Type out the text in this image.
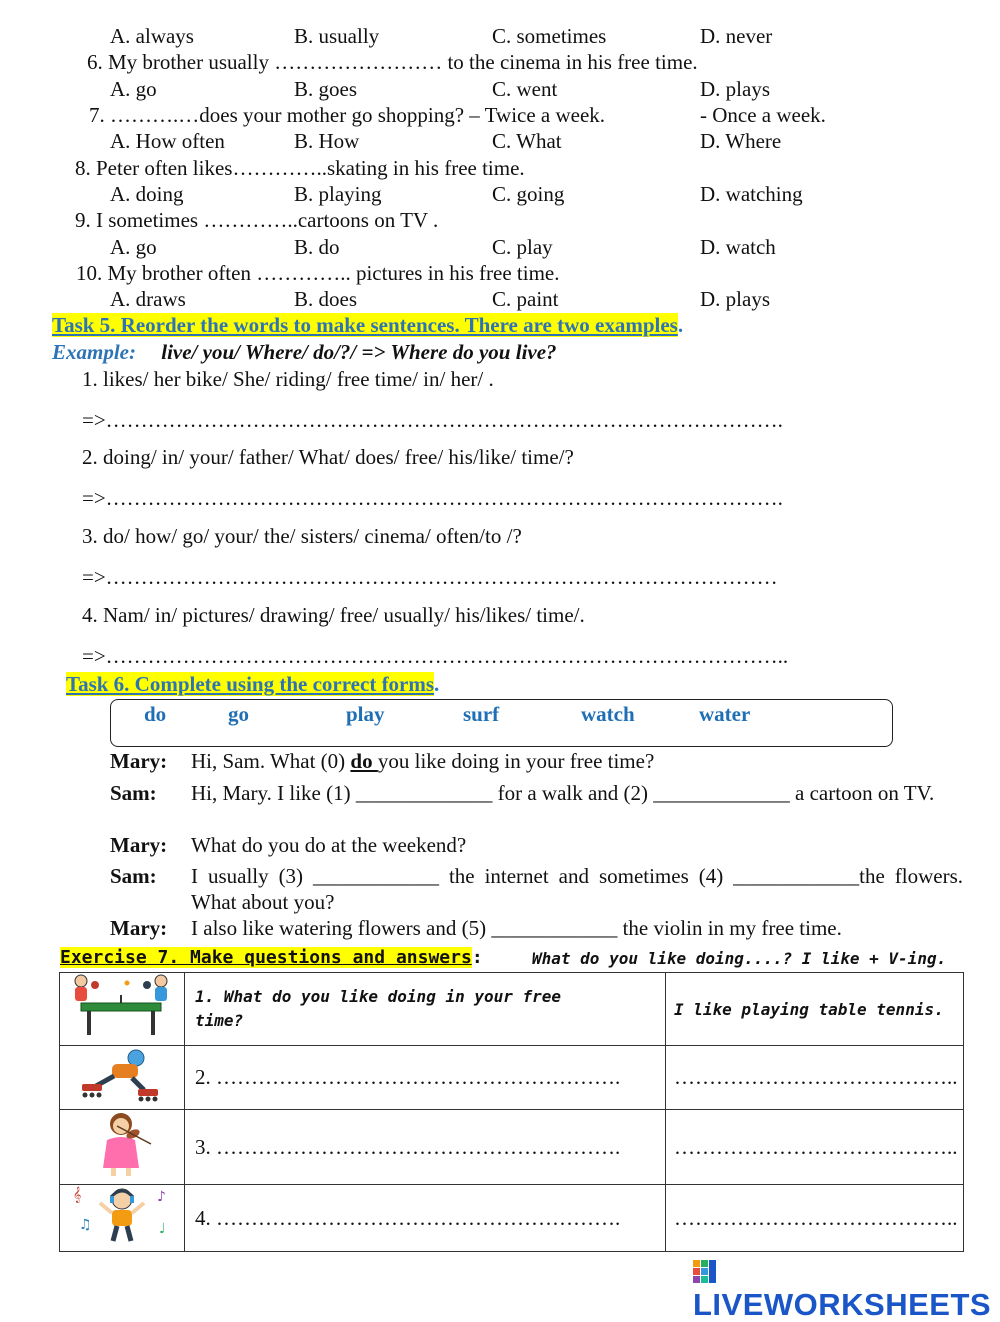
A. always	B. usually	C. sometimes	D. never
6. My brother usually …………………… to the cinema in his free time.
A. go	B. goes	C. went	D. plays
7. ……….…does your mother go shopping? – Twice a week.	- Once a week.
A. How often	B. How	C. What	D. Where
8. Peter often likes…………..skating in his free time.
A. doing	B. playing	C. going	D. watching
9. I sometimes …………..cartoons on TV .
A. go	B. do	C. play	D. watch
10. My brother often ………….. pictures in his free time.
A. draws	B. does	C. paint	D. plays
Task 5. Reorder the words to make sentences. There are two examples.
Example: live/ you/ Where/ do/?/ => Where do you live?
1. likes/ her bike/ She/ riding/ free time/ in/ her/ .
=>…………………………………………………………………………………….
2. doing/ in/ your/ father/ What/ does/ free/ his/like/ time/?
=>…………………………………………………………………………………….
3. do/ how/ go/ your/ the/ sisters/ cinema/ often/to /?
=>……………………………………………………………………………………
4. Nam/ in/ pictures/ drawing/ free/ usually/ his/likes/ time/.
=>……………………………………………………………………………………..
Task 6. Complete using the correct forms.
do	go	play	surf	watch	water
Mary: Hi, Sam. What (0) do you like doing in your free time?
Sam: Hi, Mary. I like (1) _____________ for a walk and (2) _____________ a cartoon on TV.
Mary: What do you do at the weekend?
Sam: I usually (3) ____________ the internet and sometimes (4) ____________the flowers. What about you?
Mary: I also like watering flowers and (5) ____________ the violin in my free time.
Exercise 7. Make questions and answers:	What do you like doing....? I like + V-ing.

1. What do you like doing in your free time?	I like playing table tennis.
	2. ………………………………………………….	…………………………………..
	3. ………………………………………………….	…………………………………..

𝄞
♫
♪
♩	4. ………………………………………………….	…………………………………..
LIVEWORKSHEETS
